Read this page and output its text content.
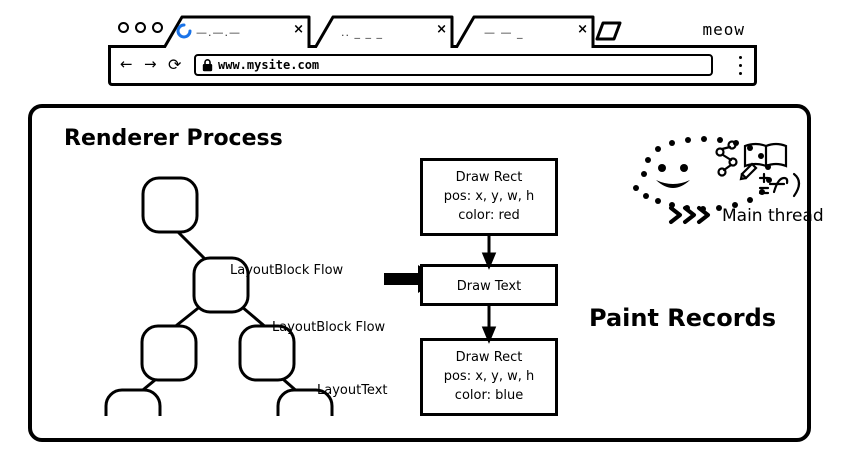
—.—.—	×	.. _ _ _	×	— — _	×	meow
← → ⟳	www.mysite.com
Renderer Process
LayoutBlock Flow
LayoutBlock Flow
LayoutText
Draw Rect
pos: x, y, w, h
color: red
Draw Text
Draw Rect
pos: x, y, w, h
color: blue
Paint Records
Main thread
